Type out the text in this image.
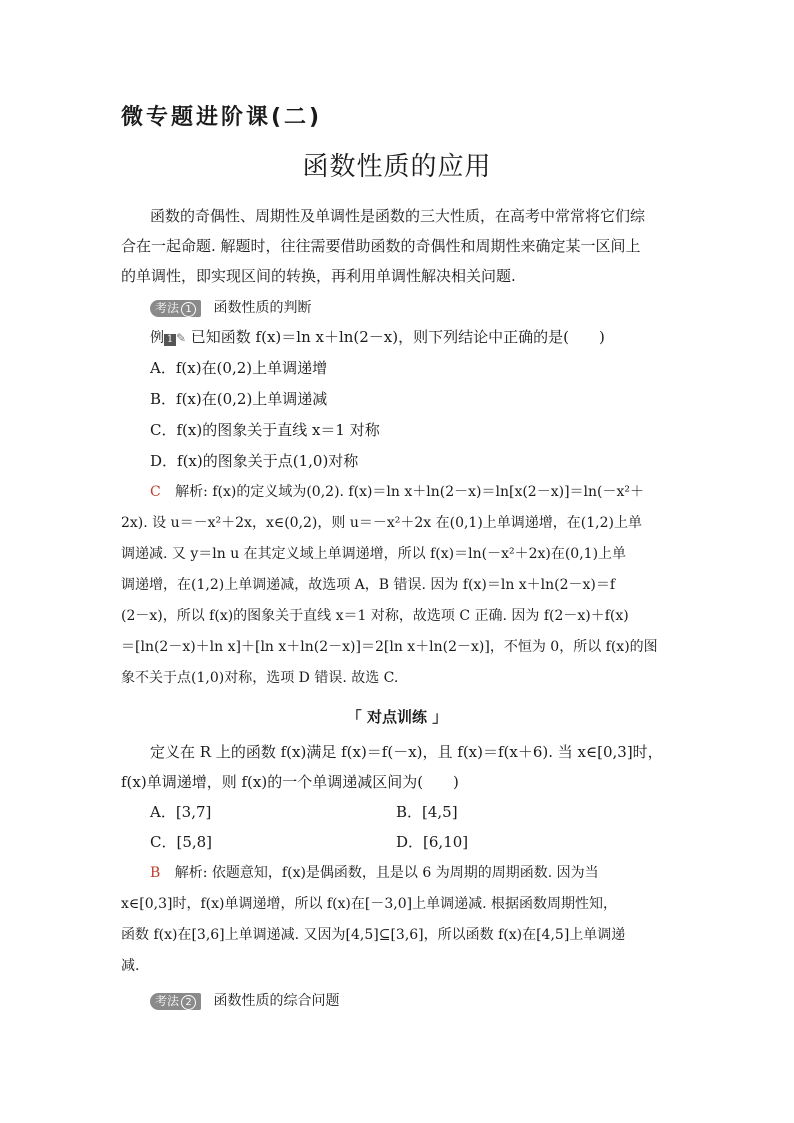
微专题进阶课(二)
函数性质的应用
函数的奇偶性、周期性及单调性是函数的三大性质，在高考中常常将它们综
合在一起命题. 解题时，往往需要借助函数的奇偶性和周期性来确定某一区间上
的单调性，即实现区间的转换，再利用单调性解决相关问题.
考法 1 函数性质的判断
例 1 ✎ 已知函数 f(x)＝ln x＋ln(2－x)，则下列结论中正确的是(　　)
A．f(x)在(0,2)上单调递增
B．f(x)在(0,2)上单调递减
C．f(x)的图象关于直线 x＝1 对称
D．f(x)的图象关于点(1,0)对称
C 解析: f(x)的定义域为(0,2). f(x)＝ln x＋ln(2－x)＝ln[x(2－x)]＝ln(－x²＋
2x). 设 u＝－x²＋2x，x∈(0,2)，则 u＝－x²＋2x 在(0,1)上单调递增，在(1,2)上单
调递减. 又 y＝ln u 在其定义域上单调递增，所以 f(x)＝ln(－x²＋2x)在(0,1)上单
调递增，在(1,2)上单调递减，故选项 A，B 错误. 因为 f(x)＝ln x＋ln(2－x)＝f
(2－x)，所以 f(x)的图象关于直线 x＝1 对称，故选项 C 正确. 因为 f(2－x)＋f(x)
＝[ln(2－x)＋ln x]＋[ln x＋ln(2－x)]＝2[ln x＋ln(2－x)]，不恒为 0，所以 f(x)的图
象不关于点(1,0)对称，选项 D 错误. 故选 C.
「 对点训练 」
定义在 R 上的函数 f(x)满足 f(x)＝f(－x)，且 f(x)＝f(x＋6). 当 x∈[0,3]时，
f(x)单调递增，则 f(x)的一个单调递减区间为(　　)
A．[3,7]	B．[4,5]
C．[5,8]	D．[6,10]
B 解析: 依题意知，f(x)是偶函数，且是以 6 为周期的周期函数. 因为当
x∈[0,3]时，f(x)单调递增，所以 f(x)在[－3,0]上单调递减. 根据函数周期性知，
函数 f(x)在[3,6]上单调递减. 又因为[4,5]⊆[3,6]，所以函数 f(x)在[4,5]上单调递
减.
考法 2 函数性质的综合问题
